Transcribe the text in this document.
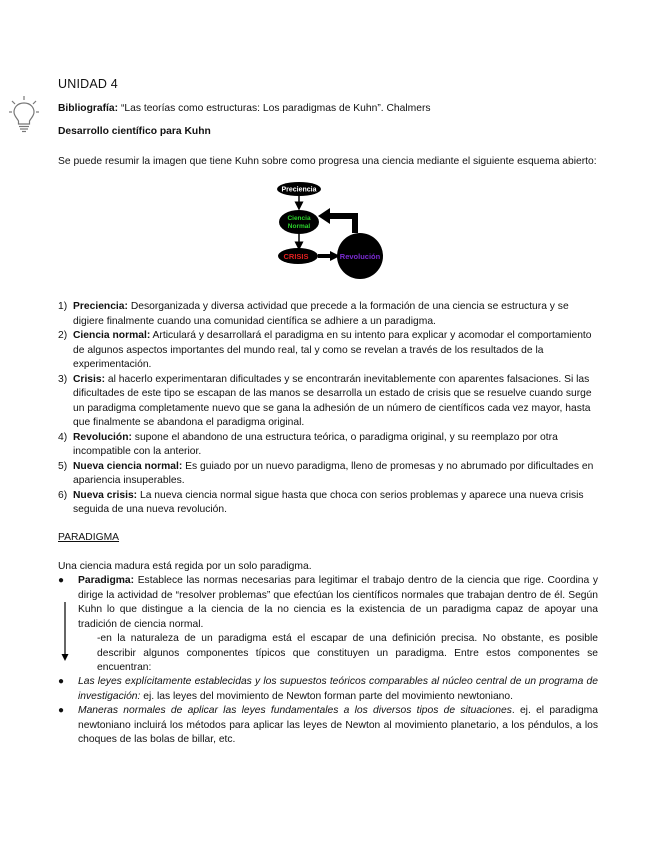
UNIDAD 4
Bibliografía: “Las teorías como estructuras: Los paradigmas de Kuhn”. Chalmers
Desarrollo científico para Kuhn
Se puede resumir la imagen que tiene Kuhn sobre como progresa una ciencia mediante el siguiente esquema abierto:
Preciencia
Ciencia
Normal
CRISIS	Revolución
1) Preciencia: Desorganizada y diversa actividad que precede a la formación de una ciencia se estructura y se digiere finalmente cuando una comunidad científica se adhiere a un paradigma.
2) Ciencia normal: Articulará y desarrollará el paradigma en su intento para explicar y acomodar el comportamiento de algunos aspectos importantes del mundo real, tal y como se revelan a través de los resultados de la experimentación.
3) Crisis: al hacerlo experimentaran dificultades y se encontrarán inevitablemente con aparentes falsaciones. Si las dificultades de este tipo se escapan de las manos se desarrolla un estado de crisis que se resuelve cuando surge un paradigma completamente nuevo que se gana la adhesión de un número de científicos cada vez mayor, hasta que finalmente se abandona el paradigma original.
4) Revolución: supone el abandono de una estructura teórica, o paradigma original, y su reemplazo por otra incompatible con la anterior.
5) Nueva ciencia normal: Es guiado por un nuevo paradigma, lleno de promesas y no abrumado por dificultades en apariencia insuperables.
6) Nueva crisis: La nueva ciencia normal sigue hasta que choca con serios problemas y aparece una nueva crisis seguida de una nueva revolución.
PARADIGMA
Una ciencia madura está regida por un solo paradigma.
● Paradigma: Establece las normas necesarias para legitimar el trabajo dentro de la ciencia que rige. Coordina y dirige la actividad de “resolver problemas” que efectúan los científicos normales que trabajan dentro de él. Según Kuhn lo que distingue a la ciencia de la no ciencia es la existencia de un paradigma capaz de apoyar una tradición de ciencia normal.
-en la naturaleza de un paradigma está el escapar de una definición precisa. No obstante, es posible describir algunos componentes típicos que constituyen un paradigma. Entre estos componentes se encuentran:
● Las leyes explícitamente establecidas y los supuestos teóricos comparables al núcleo central de un programa de investigación: ej. las leyes del movimiento de Newton forman parte del movimiento newtoniano.
● Maneras normales de aplicar las leyes fundamentales a los diversos tipos de situaciones. ej. el paradigma newtoniano incluirá los métodos para aplicar las leyes de Newton al movimiento planetario, a los péndulos, a los choques de las bolas de billar, etc.
